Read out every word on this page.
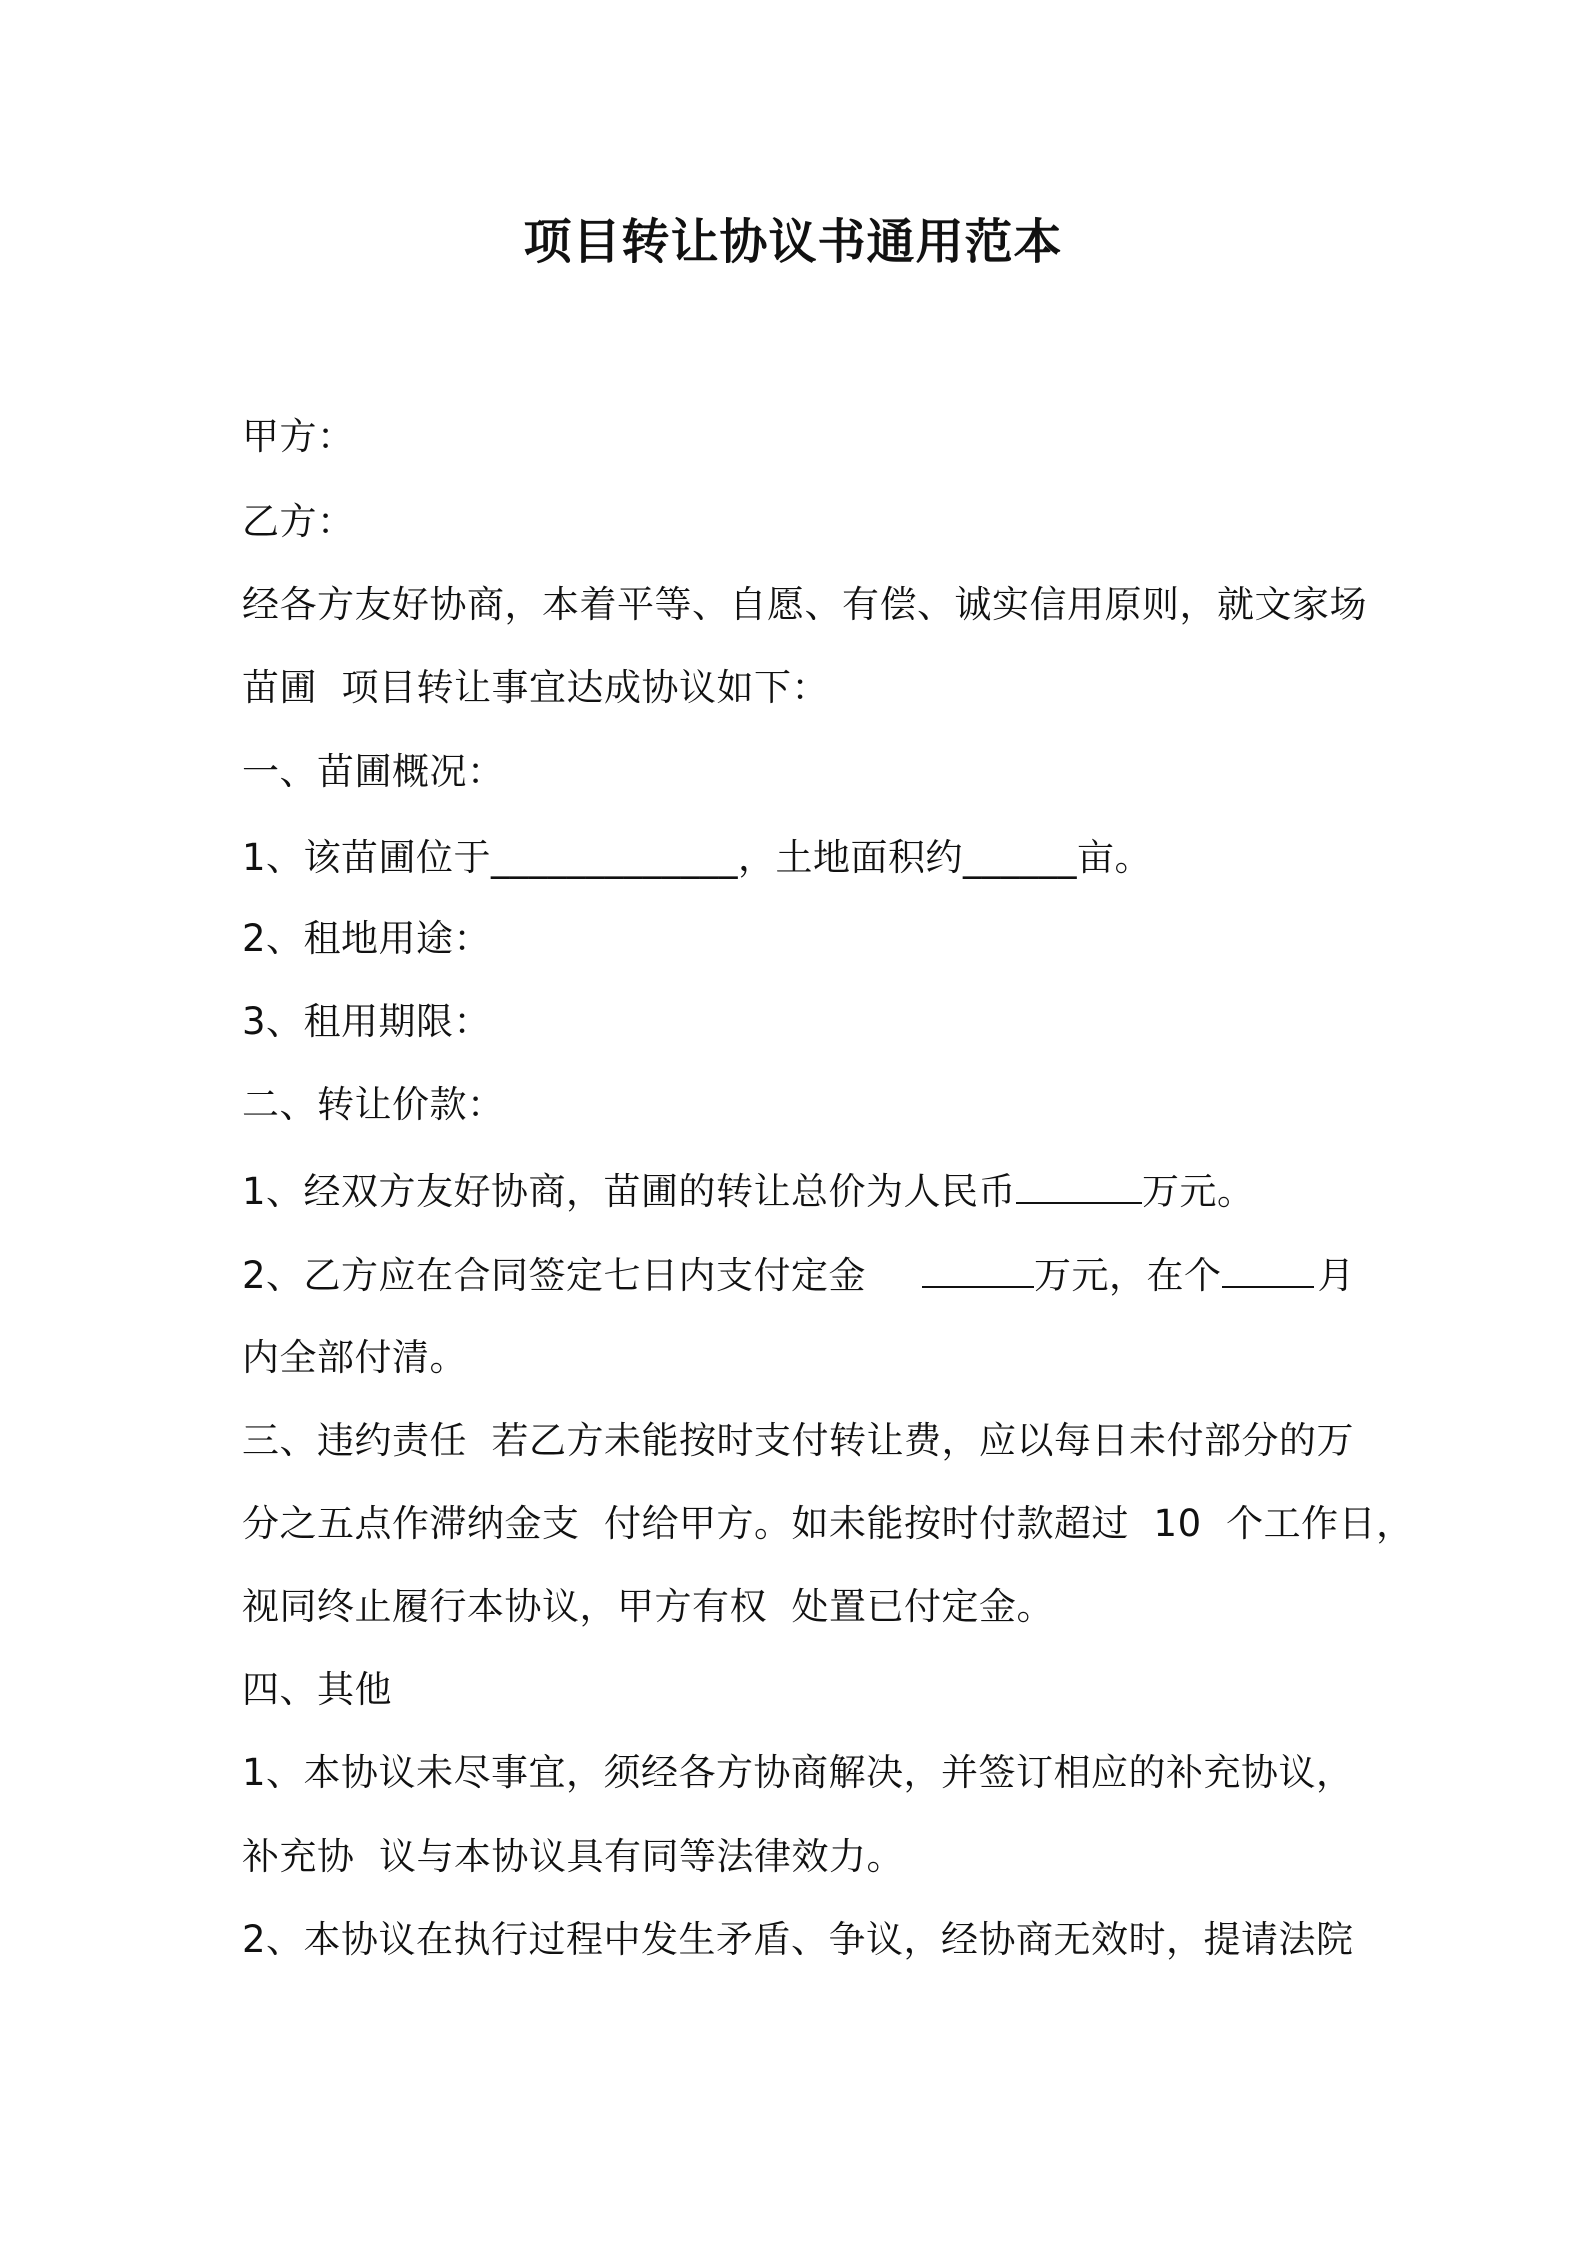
项目转让协议书通用范本
甲方：
乙方：
经各方友好协商，本着平等、自愿、有偿、诚实信用原则，就文家场
苗圃  项目转让事宜达成协议如下：
一、苗圃概况：
1、该苗圃位于_____________，土地面积约______亩。
2、租地用途：
3、租用期限：
二、转让价款：
1、经双方友好协商，苗圃的转让总价为人民币	万元。
2、乙方应在合同签定七日内支付定金	万元，在个	月
内全部付清。
三、违约责任  若乙方未能按时支付转让费，应以每日未付部分的万
分之五点作滞纳金支  付给甲方。如未能按时付款超过  10  个工作日，
视同终止履行本协议，甲方有权  处置已付定金。
四、其他
1、本协议未尽事宜，须经各方协商解决，并签订相应的补充协议，
补充协  议与本协议具有同等法律效力。
2、本协议在执行过程中发生矛盾、争议，经协商无效时，提请法院
